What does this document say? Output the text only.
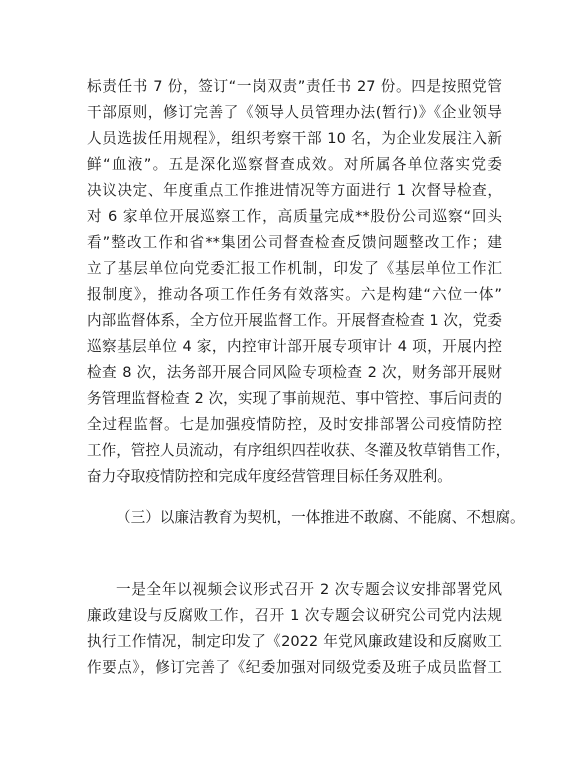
标责任书 7 份，签订“一岗双责”责任书 27 份。四是按照党管
干部原则，修订完善了《领导人员管理办法(暂行)》《企业领导
人员选拔任用规程》，组织考察干部 10 名，为企业发展注入新
鲜“血液”。五是深化巡察督查成效。对所属各单位落实党委
决议决定、年度重点工作推进情况等方面进行 1 次督导检查，
对 6 家单位开展巡察工作，高质量完成**股份公司巡察“回头
看”整改工作和省**集团公司督查检查反馈问题整改工作；建
立了基层单位向党委汇报工作机制，印发了《基层单位工作汇
报制度》，推动各项工作任务有效落实。六是构建“六位一体”
内部监督体系，全方位开展监督工作。开展督查检查 1 次，党委
巡察基层单位 4 家，内控审计部开展专项审计 4 项，开展内控
检查 8 次，法务部开展合同风险专项检查 2 次，财务部开展财
务管理监督检查 2 次，实现了事前规范、事中管控、事后问责的
全过程监督。七是加强疫情防控，及时安排部署公司疫情防控
工作，管控人员流动，有序组织四茬收获、冬灌及牧草销售工作，
奋力夺取疫情防控和完成年度经营管理目标任务双胜利。
（三）以廉洁教育为契机，一体推进不敢腐、不能腐、不想腐。
一是全年以视频会议形式召开 2 次专题会议安排部署党风
廉政建设与反腐败工作，召开 1 次专题会议研究公司党内法规
执行工作情况，制定印发了《2022 年党风廉政建设和反腐败工
作要点》，修订完善了《纪委加强对同级党委及班子成员监督工
